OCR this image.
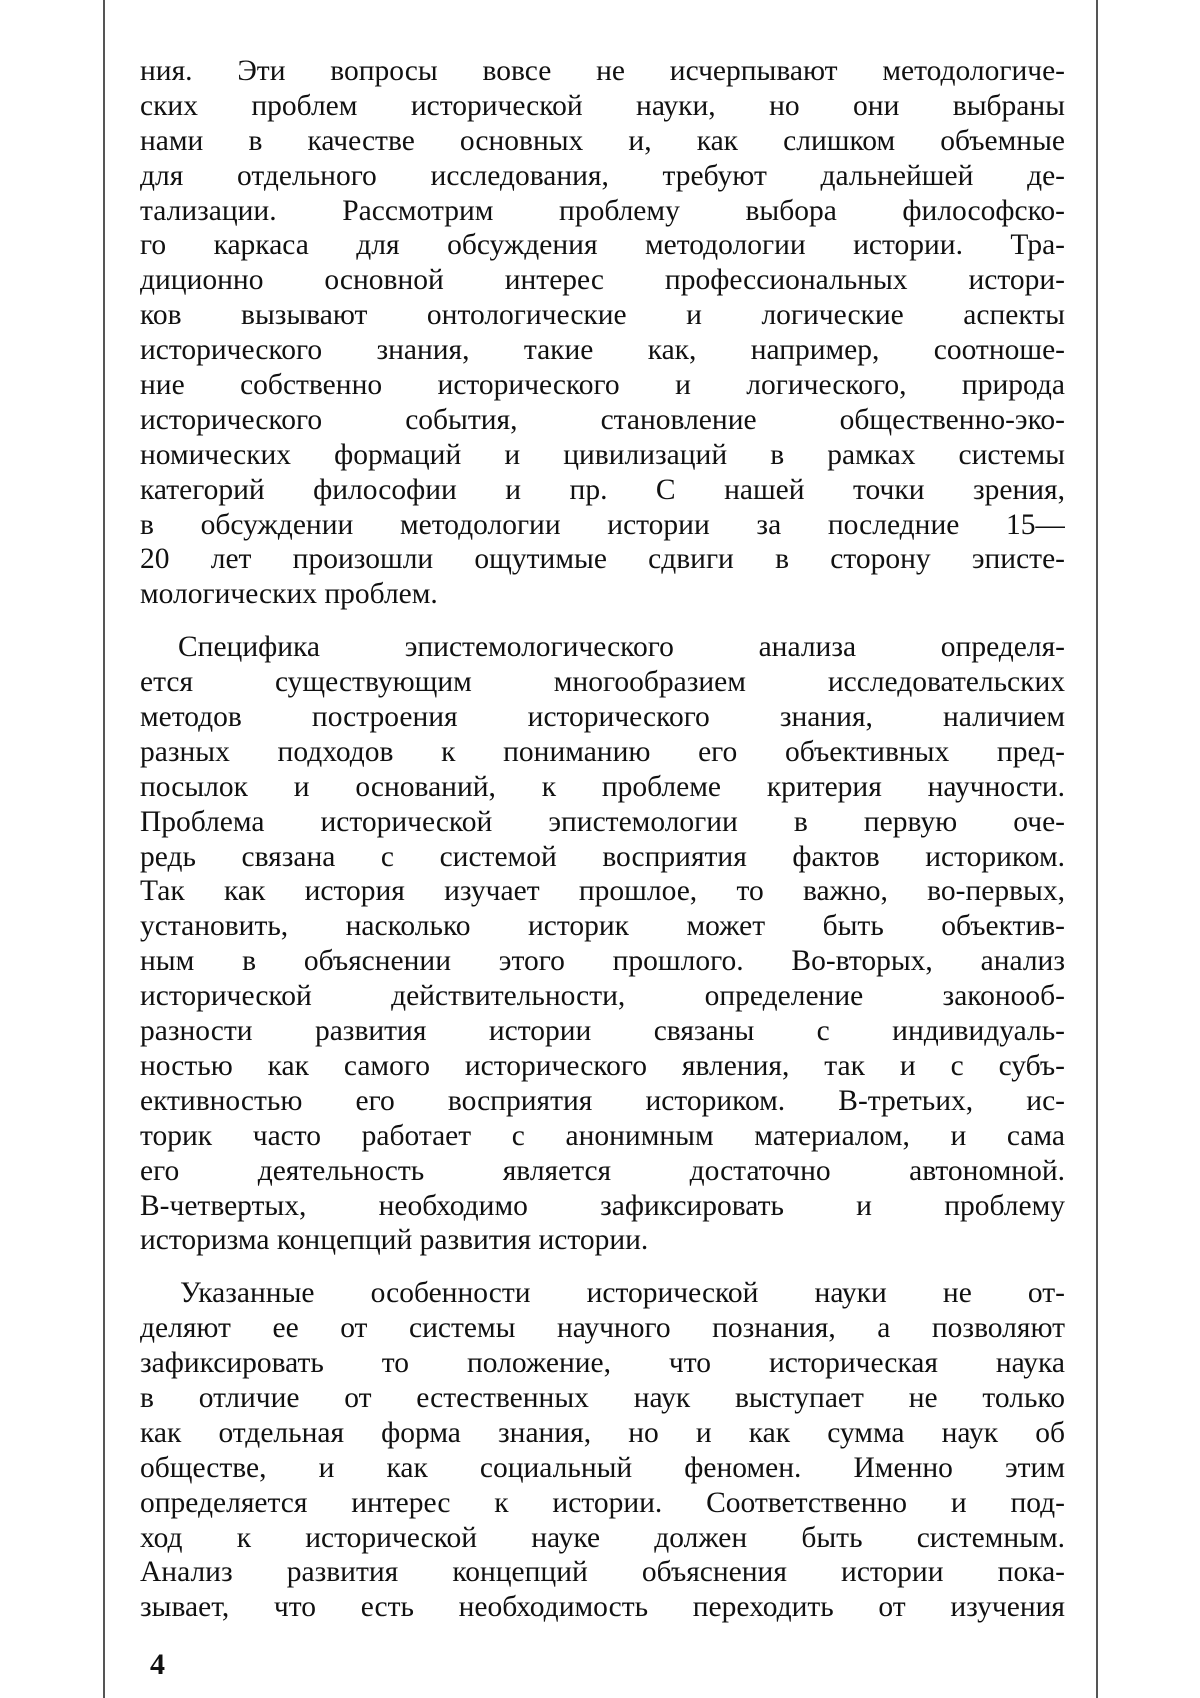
ния. Эти вопросы вовсе не исчерпывают методологиче-
ских проблем исторической науки, но они выбраны
нами в качестве основных и, как слишком объемные
для отдельного исследования, требуют дальнейшей де-
тализации. Рассмотрим проблему выбора философско-
го каркаса для обсуждения методологии истории. Тра-
диционно основной интерес профессиональных истори-
ков вызывают онтологические и логические аспекты
исторического знания, такие как, например, соотноше-
ние собственно исторического и логического, природа
исторического события, становление общественно-эко-
номических формаций и цивилизаций в рамках системы
категорий философии и пр. С нашей точки зрения,
в обсуждении методологии истории за последние 15—
20 лет произошли ощутимые сдвиги в сторону эписте-
мологических проблем.
Специфика эпистемологического анализа определя-
ется существующим многообразием исследовательских
методов построения исторического знания, наличием
разных подходов к пониманию его объективных пред-
посылок и оснований, к проблеме критерия научности.
Проблема исторической эпистемологии в первую оче-
редь связана с системой восприятия фактов историком.
Так как история изучает прошлое, то важно, во-первых,
установить, насколько историк может быть объектив-
ным в объяснении этого прошлого. Во-вторых, анализ
исторической действительности, определение законооб-
разности развития истории связаны с индивидуаль-
ностью как самого исторического явления, так и с субъ-
ективностью его восприятия историком. В-третьих, ис-
торик часто работает с анонимным материалом, и сама
его деятельность является достаточно автономной.
В-четвертых, необходимо зафиксировать и проблему
историзма концепций развития истории.
Указанные особенности исторической науки не от-
деляют ее от системы научного познания, а позволяют
зафиксировать то положение, что историческая наука
в отличие от естественных наук выступает не только
как отдельная форма знания, но и как сумма наук об
обществе, и как социальный феномен. Именно этим
определяется интерес к истории. Соответственно и под-
ход к исторической науке должен быть системным.
Анализ развития концепций объяснения истории пока-
зывает, что есть необходимость переходить от изучения
4
